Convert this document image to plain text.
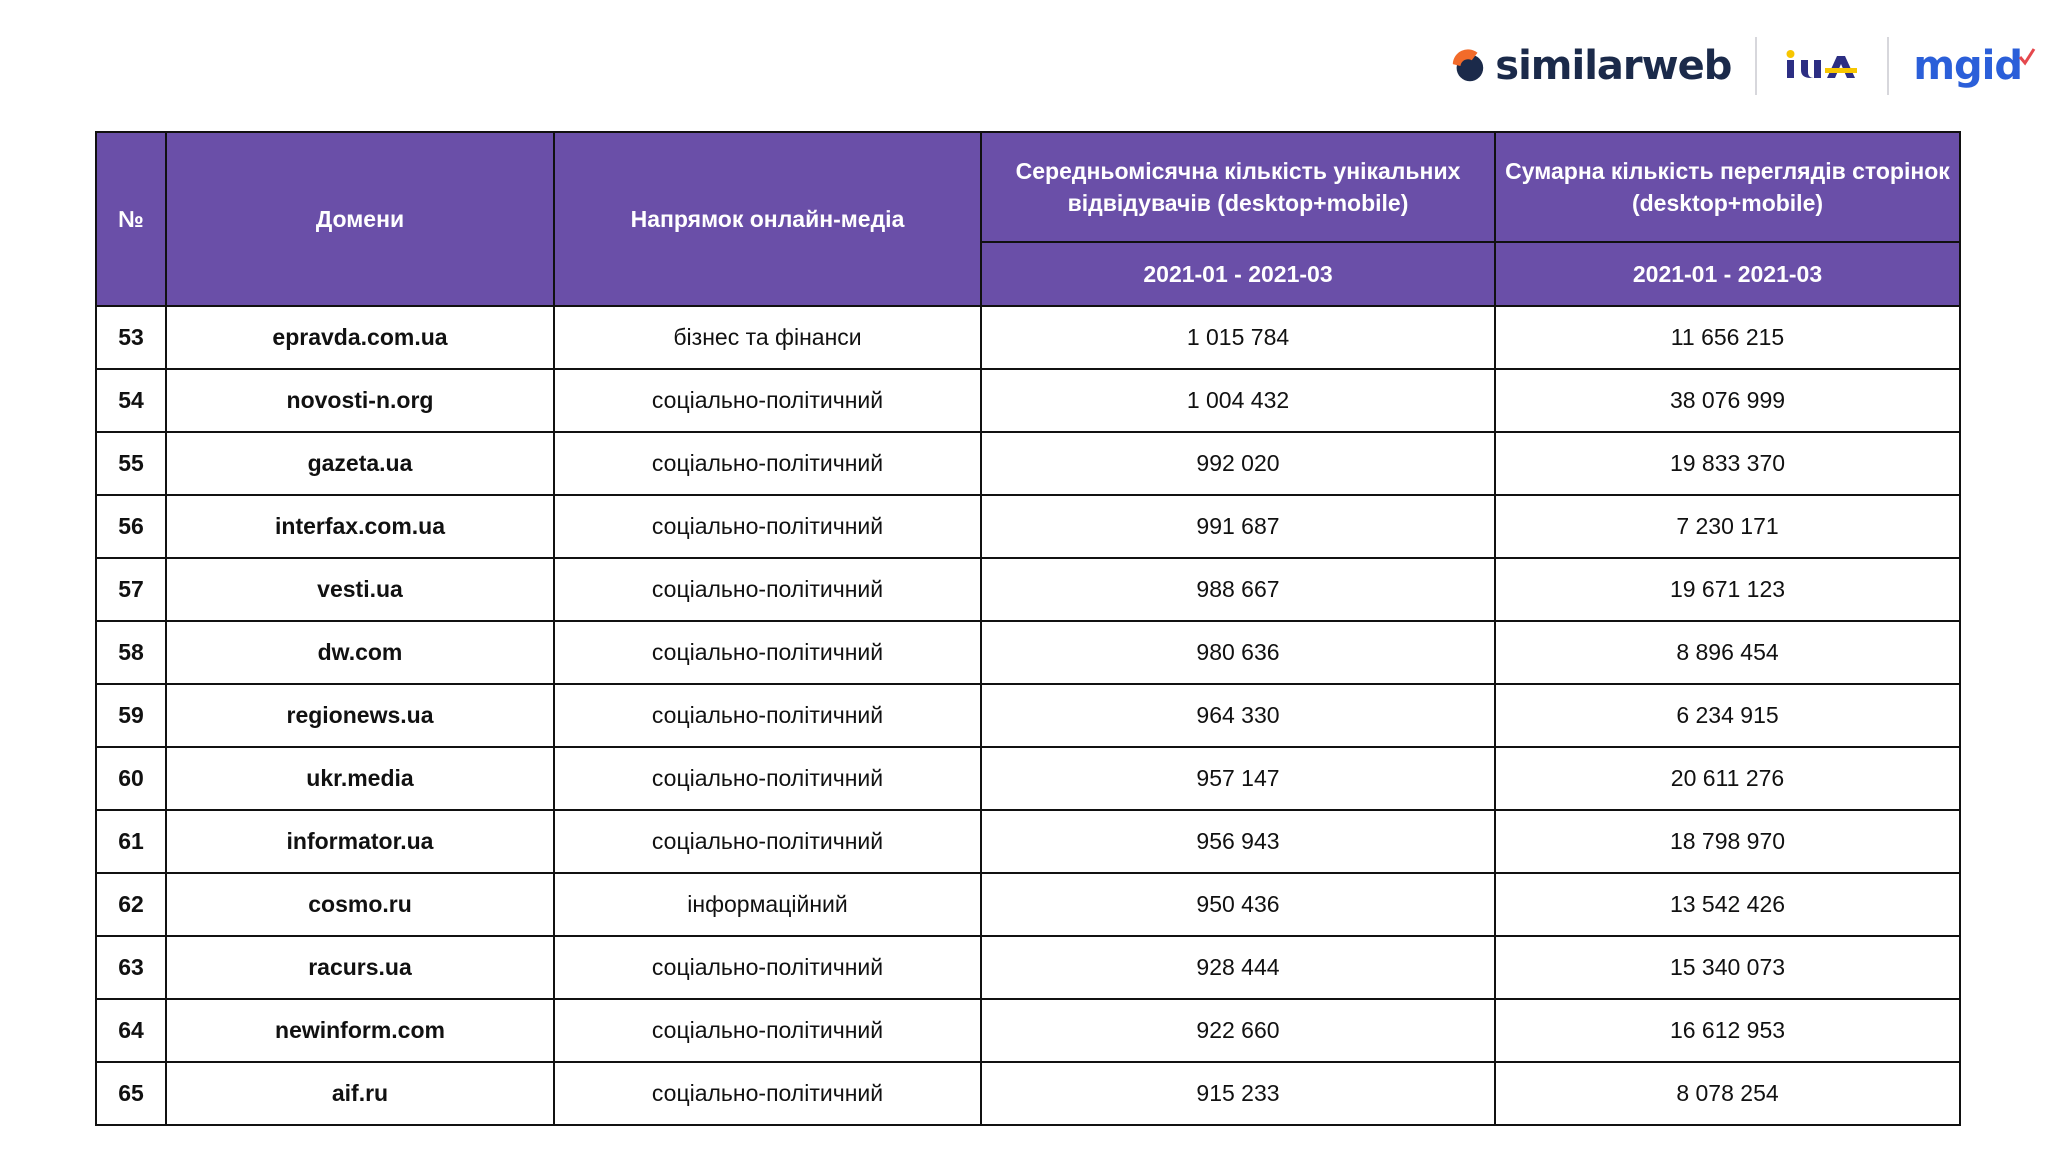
similarweb	mgid
№	Домени	Напрямок онлайн-медіа	Середньомісячна кількість унікальних відвідувачів (desktop+mobile)	Сумарна кількість переглядів сторінок (desktop+mobile)
			2021-01 - 2021-03	2021-01 - 2021-03
53	epravda.com.ua	бізнес та фінанси	1 015 784	11 656 215
54	novosti-n.org	соціально-політичний	1 004 432	38 076 999
55	gazeta.ua	соціально-політичний	992 020	19 833 370
56	interfax.com.ua	соціально-політичний	991 687	7 230 171
57	vesti.ua	соціально-політичний	988 667	19 671 123
58	dw.com	соціально-політичний	980 636	8 896 454
59	regionews.ua	соціально-політичний	964 330	6 234 915
60	ukr.media	соціально-політичний	957 147	20 611 276
61	informator.ua	соціально-політичний	956 943	18 798 970
62	cosmo.ru	інформаційний	950 436	13 542 426
63	racurs.ua	соціально-політичний	928 444	15 340 073
64	newinform.com	соціально-політичний	922 660	16 612 953
65	aif.ru	соціально-політичний	915 233	8 078 254
